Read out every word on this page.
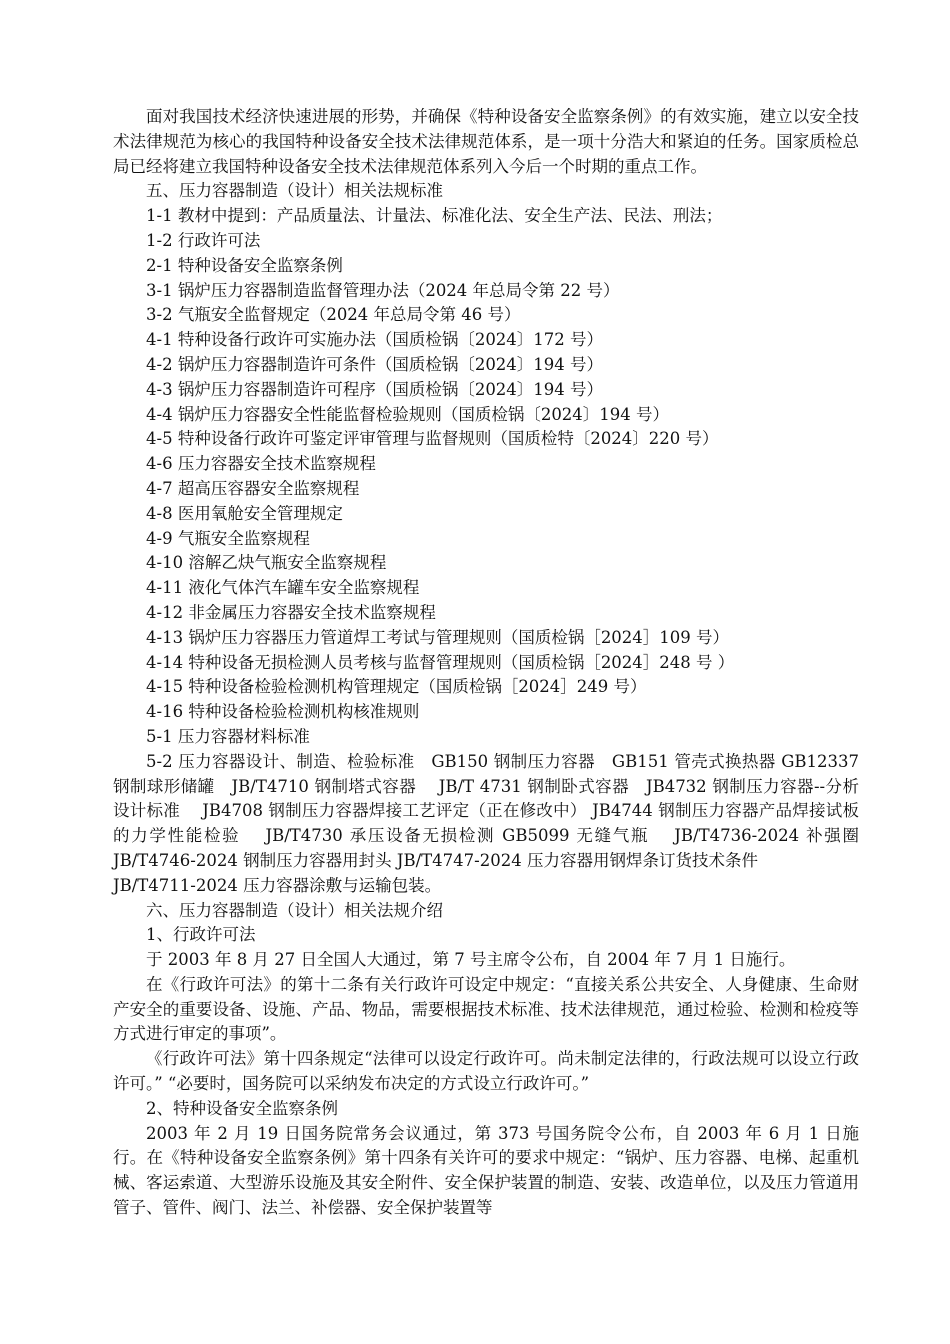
面对我国技术经济快速进展的形势，并确保《特种设备安全监察条例》的有效实施，建立以安全技术法律规范为核心的我国特种设备安全技术法律规范体系，是一项十分浩大和紧迫的任务。国家质检总局已经将建立我国特种设备安全技术法律规范体系列入今后一个时期的重点工作。

五、压力容器制造（设计）相关法规标准

1-1 教材中提到：产品质量法、计量法、标准化法、安全生产法、民法、刑法；

1-2 行政许可法

2-1 特种设备安全监察条例

3-1 锅炉压力容器制造监督管理办法（2024 年总局令第 22 号）

3-2 气瓶安全监督规定（2024 年总局令第 46 号）

4-1 特种设备行政许可实施办法（国质检锅〔2024〕172 号）

4-2 锅炉压力容器制造许可条件（国质检锅〔2024〕194 号）

4-3 锅炉压力容器制造许可程序（国质检锅〔2024〕194 号）

4-4 锅炉压力容器安全性能监督检验规则（国质检锅〔2024〕194 号）

4-5 特种设备行政许可鉴定评审管理与监督规则（国质检特〔2024〕220 号）

4-6 压力容器安全技术监察规程

4-7 超高压容器安全监察规程

4-8 医用氧舱安全管理规定

4-9 气瓶安全监察规程

4-10 溶解乙炔气瓶安全监察规程

4-11 液化气体汽车罐车安全监察规程

4-12 非金属压力容器安全技术监察规程

4-13 锅炉压力容器压力管道焊工考试与管理规则（国质检锅［2024］109 号）

4-14 特种设备无损检测人员考核与监督管理规则（国质检锅［2024］248 号 ）

4-15 特种设备检验检测机构管理规定（国质检锅［2024］249 号）

4-16 特种设备检验检测机构核准规则

5-1 压力容器材料标准

5-2 压力容器设计、制造、检验标准　GB150 钢制压力容器　GB151 管壳式换热器 GB12337 钢制球形储罐　JB/T4710 钢制塔式容器　 JB/T 4731 钢制卧式容器　JB4732 钢制压力容器--分析设计标准　 JB4708 钢制压力容器焊接工艺评定（正在修改中） JB4744 钢制压力容器产品焊接试板的力学性能检验　 JB/T4730 承压设备无损检测 GB5099 无缝气瓶　 JB/T4736-2024 补强圈　 JB/T4746-2024 钢制压力容器用封头 JB/T4747-2024 压力容器用钢焊条订货技术条件

JB/T4711-2024 压力容器涂敷与运输包装。

六、压力容器制造（设计）相关法规介绍

1、行政许可法

于 2003 年 8 月 27 日全国人大通过，第 7 号主席令公布，自 2004 年 7 月 1 日施行。

在《行政许可法》的第十二条有关行政许可设定中规定：“直接关系公共安全、人身健康、生命财产安全的重要设备、设施、产品、物品，需要根据技术标准、技术法律规范，通过检验、检测和检疫等方式进行审定的事项”。

《行政许可法》第十四条规定“法律可以设定行政许可。尚未制定法律的，行政法规可以设立行政许可。” “必要时，国务院可以采纳发布决定的方式设立行政许可。”

2、特种设备安全监察条例

2003 年 2 月 19 日国务院常务会议通过，第 373 号国务院令公布，自 2003 年 6 月 1 日施行。在《特种设备安全监察条例》第十四条有关许可的要求中规定：“锅炉、压力容器、电梯、起重机械、客运索道、大型游乐设施及其安全附件、安全保护装置的制造、安装、改造单位，以及压力管道用管子、管件、阀门、法兰、补偿器、安全保护装置等
